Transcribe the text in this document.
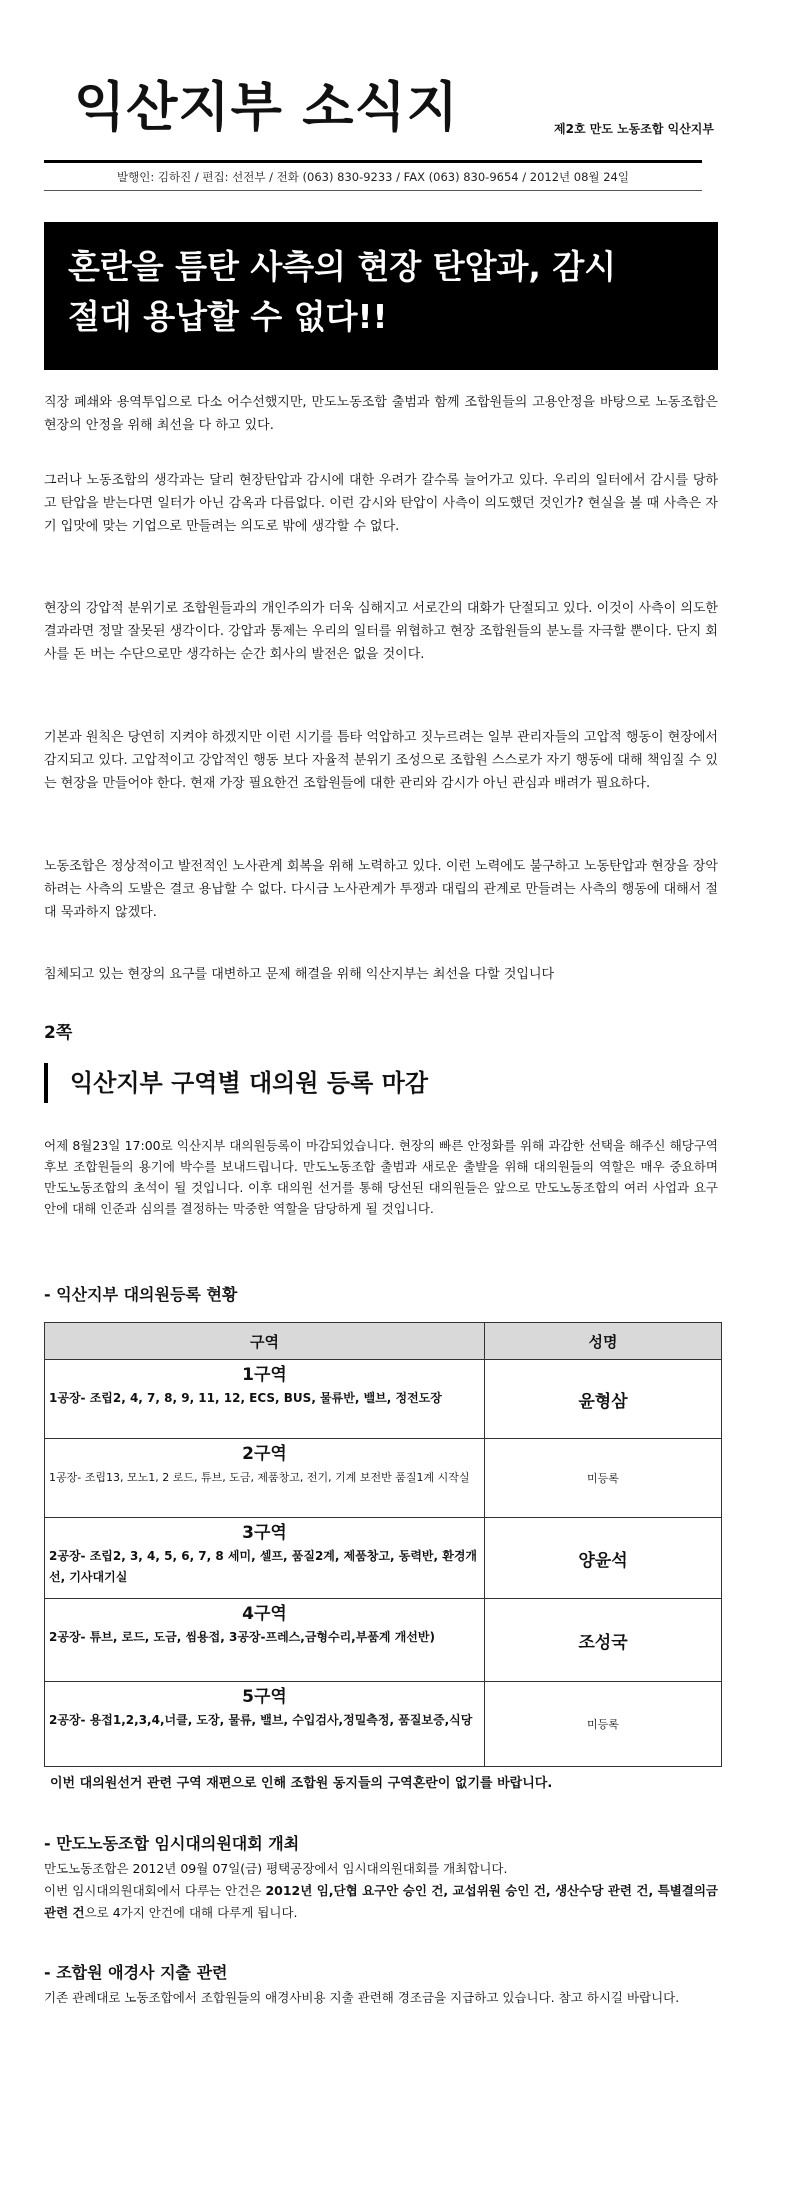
익산지부 소식지	제2호 만도 노동조합 익산지부
발행인: 김하진 / 편집: 선전부 / 전화 (063) 830-9233 / FAX (063) 830-9654 / 2012년 08월 24일
혼란을 틈탄 사측의 현장 탄압과, 감시
절대 용납할 수 없다!!
직장 폐쇄와 용역투입으로 다소 어수선했지만, 만도노동조합 출범과 함께 조합원들의 고용안정을 바탕으로 노동조합은 현장의 안정을 위해 최선을 다 하고 있다.
그러나 노동조합의 생각과는 달리 현장탄압과 감시에 대한 우려가 갈수록 늘어가고 있다. 우리의 일터에서 감시를 당하고 탄압을 받는다면 일터가 아닌 감옥과 다름없다. 이런 감시와 탄압이 사측이 의도했던 것인가? 현실을 볼 때 사측은 자기 입맛에 맞는 기업으로 만들려는 의도로 밖에 생각할 수 없다.
현장의 강압적 분위기로 조합원들과의 개인주의가 더욱 심해지고 서로간의 대화가 단절되고 있다. 이것이 사측이 의도한 결과라면 정말 잘못된 생각이다. 강압과 통제는 우리의 일터를 위협하고 현장 조합원들의 분노를 자극할 뿐이다. 단지 회사를 돈 버는 수단으로만 생각하는 순간 회사의 발전은 없을 것이다.
기본과 원칙은 당연히 지켜야 하겠지만 이런 시기를 틈타 억압하고 짓누르려는 일부 관리자들의 고압적 행동이 현장에서 감지되고 있다. 고압적이고 강압적인 행동 보다 자율적 분위기 조성으로 조합원 스스로가 자기 행동에 대해 책임질 수 있는 현장을 만들어야 한다. 현재 가장 필요한건 조합원들에 대한 관리와 감시가 아닌 관심과 배려가 필요하다.
노동조합은 정상적이고 발전적인 노사관계 회복을 위해 노력하고 있다. 이런 노력에도 불구하고 노동탄압과 현장을 장악하려는 사측의 도발은 결코 용납할 수 없다. 다시금 노사관계가 투쟁과 대립의 관계로 만들려는 사측의 행동에 대해서 절대 묵과하지 않겠다.
침체되고 있는 현장의 요구를 대변하고 문제 해결을 위해 익산지부는 최선을 다할 것입니다
2쪽
익산지부 구역별 대의원 등록 마감
어제 8월23일 17:00로 익산지부 대의원등록이 마감되었습니다. 현장의 빠른 안정화를 위해 과감한 선택을 해주신 해당구역 후보 조합원들의 용기에 박수를 보내드립니다. 만도노동조합 출범과 새로운 출발을 위해 대의원들의 역할은 매우 중요하며 만도노동조합의 초석이 될 것입니다. 이후 대의원 선거를 통해 당선된 대의원들은 앞으로 만도노동조합의 여러 사업과 요구안에 대해 인준과 심의를 결정하는 막중한 역할을 담당하게 될 것입니다.
- 익산지부 대의원등록 현황
구역	성명

1구역
1공장- 조립2, 4, 7, 8, 9, 11, 12, ECS, BUS, 물류반, 밸브, 정전도장	윤형삼

2구역
1공장- 조립13, 모노1, 2 로드, 튜브, 도금, 제품창고, 전기, 기계 보전반 품질1계 시작실	미등록

3구역
2공장- 조립2, 3, 4, 5, 6, 7, 8 세미, 셀프, 품질2계, 제품창고, 동력반, 환경개선, 기사대기실	양윤석

4구역
2공장- 튜브, 로드, 도금, 씸용접, 3공장-프레스,금형수리,부품계 개선반)	조성국

5구역
2공장- 용접1,2,3,4,너클, 도장, 물류, 밸브, 수입검사,정밀측정, 품질보증,식당	미등록
이번 대의원선거 관련 구역 재편으로 인해 조합원 동지들의 구역혼란이 없기를 바랍니다.
- 만도노동조합 임시대의원대회 개최
만도노동조합은 2012년 09월 07일(금) 평택공장에서 임시대의원대회를 개최합니다.
이번 임시대의원대회에서 다루는 안건은 2012년 임,단협 요구안 승인 건, 교섭위원 승인 건, 생산수당 관련 건, 특별결의금 관련 건으로 4가지 안건에 대해 다루게 됩니다.
- 조합원 애경사 지출 관련
기존 관례대로 노동조합에서 조합원들의 애경사비용 지출 관련해 경조금을 지급하고 있습니다. 참고 하시길 바랍니다.
